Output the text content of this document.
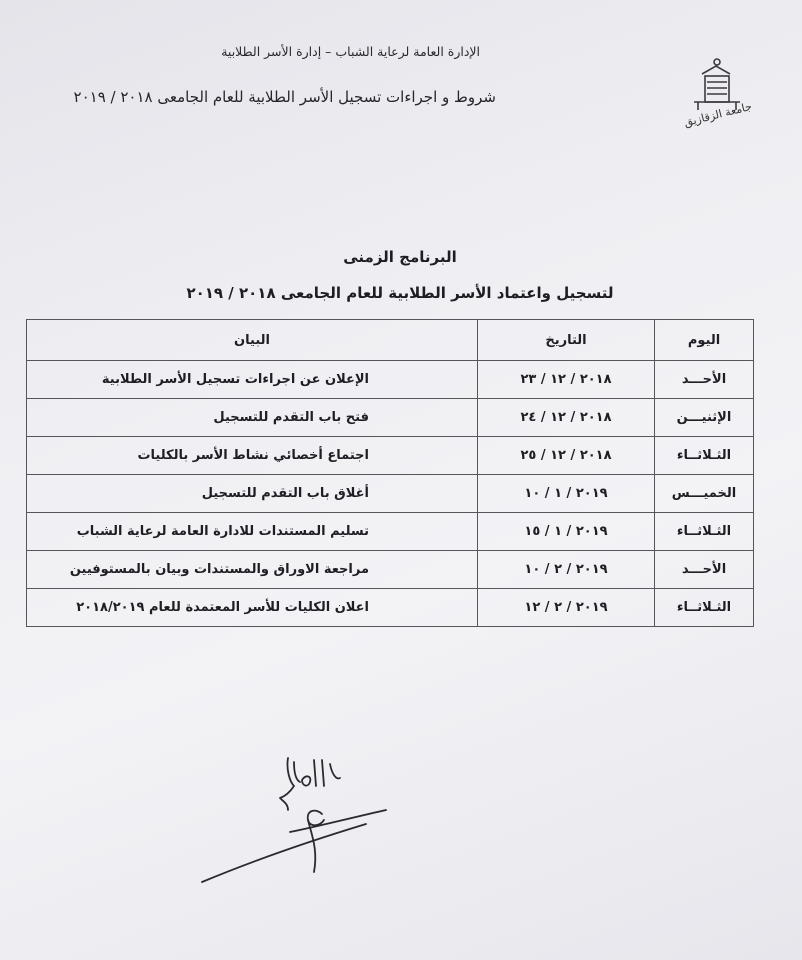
الإدارة العامة لرعاية الشباب – إدارة الأسر الطلابية
شروط و اجراءات تسجيل الأسر الطلابية للعام الجامعى ٢٠١٨ / ٢٠١٩
جامعة الزقازيق
البرنامج الزمنى
لتسجيل واعتماد الأسر الطلابية للعام الجامعى ٢٠١٨ / ٢٠١٩
اليوم	التاريخ	البيان
الأحـــد	٢٠١٨ / ١٢ / ٢٣	الإعلان عن اجراءات تسجيل الأسر الطلابية
الإثنيـــن	٢٠١٨ / ١٢ / ٢٤	فتح باب التقدم للتسجيل
الثـلاثــاء	٢٠١٨ / ١٢ / ٢٥	اجتماع أخصائي نشاط الأسر بالكليات
الخميـــس	٢٠١٩ / ١ / ١٠	أغلاق باب التقدم للتسجيل
الثـلاثــاء	٢٠١٩ / ١ / ١٥	تسليم المستندات للادارة العامة لرعاية الشباب
الأحـــد	٢٠١٩ / ٢ / ١٠	مراجعة الاوراق والمستندات وبيان بالمستوفيين
الثـلاثــاء	٢٠١٩ / ٢ / ١٢	اعلان الكليات للأسر المعتمدة للعام ٢٠١٨/٢٠١٩
